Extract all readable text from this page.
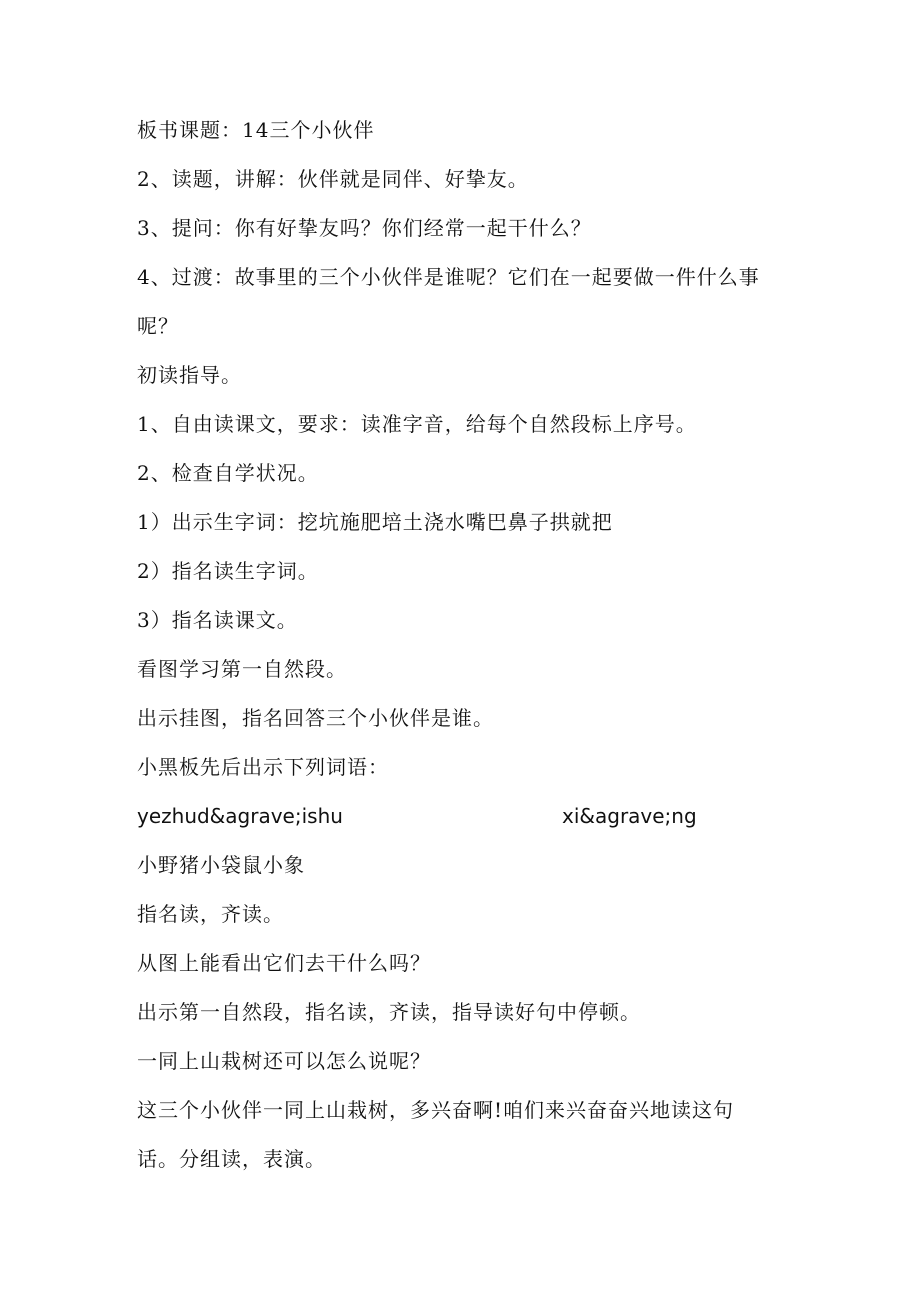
板书课题：14三个小伙伴
2、读题，讲解：伙伴就是同伴、好挚友。
3、提问：你有好挚友吗？你们经常一起干什么？
4、过渡：故事里的三个小伙伴是谁呢？它们在一起要做一件什么事
呢？
初读指导。
1、自由读课文，要求：读准字音，给每个自然段标上序号。
2、检查自学状况。
1）出示生字词：挖坑施肥培土浇水嘴巴鼻子拱就把
2）指名读生字词。
3）指名读课文。
看图学习第一自然段。
出示挂图，指名回答三个小伙伴是谁。
小黑板先后出示下列词语：
yezhud&agrave;ishu	xi&agrave;ng
小野猪小袋鼠小象
指名读，齐读。
从图上能看出它们去干什么吗？
出示第一自然段，指名读，齐读，指导读好句中停顿。
一同上山栽树还可以怎么说呢？
这三个小伙伴一同上山栽树，多兴奋啊!咱们来兴奋奋兴地读这句
话。分组读，表演。
